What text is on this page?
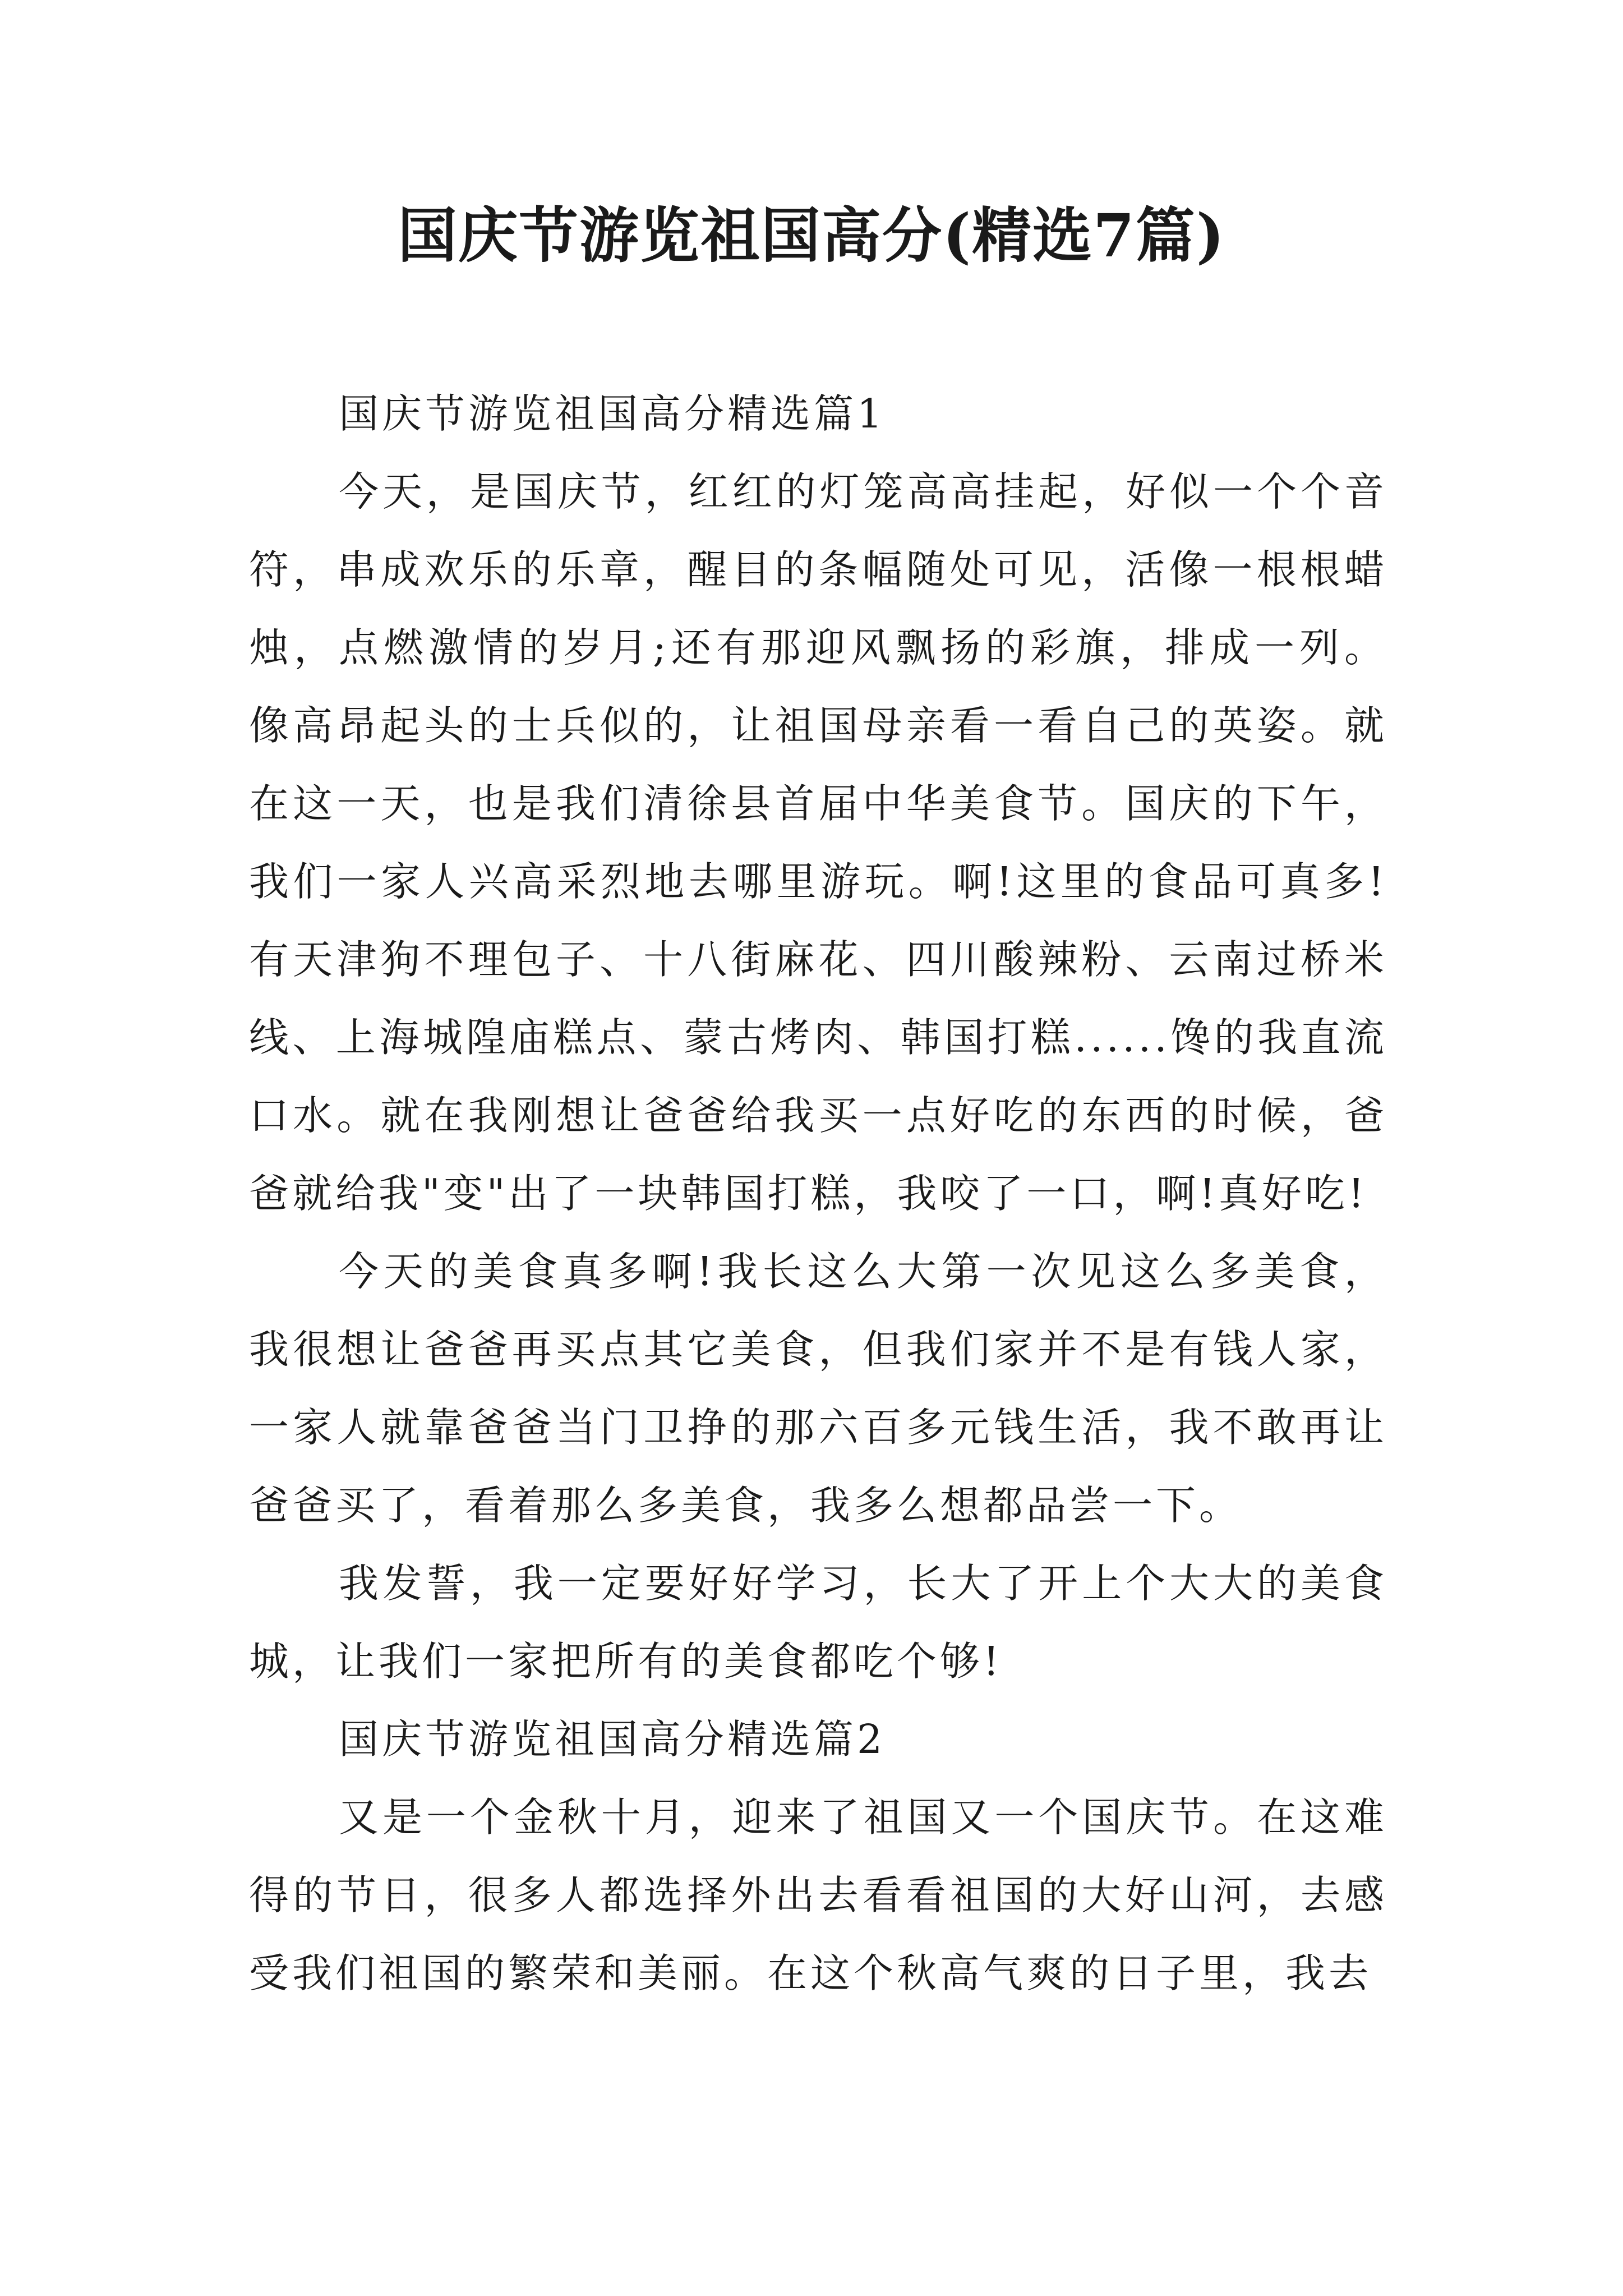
国庆节游览祖国高分(精选7篇)

国庆节游览祖国高分精选篇1

今天，是国庆节，红红的灯笼高高挂起，好似一个个音符，串成欢乐的乐章，醒目的条幅随处可见，活像一根根蜡烛，点燃激情的岁月;还有那迎风飘扬的彩旗，排成一列。像高昂起头的士兵似的，让祖国母亲看一看自己的英姿。就在这一天，也是我们清徐县首届中华美食节。国庆的下午，我们一家人兴高采烈地去哪里游玩。啊!这里的食品可真多!有天津狗不理包子、十八街麻花、四川酸辣粉、云南过桥米线、上海城隍庙糕点、蒙古烤肉、韩国打糕......馋的我直流口水。就在我刚想让爸爸给我买一点好吃的东西的时候，爸爸就给我"变"出了一块韩国打糕，我咬了一口，啊!真好吃!

今天的美食真多啊!我长这么大第一次见这么多美食，我很想让爸爸再买点其它美食，但我们家并不是有钱人家，一家人就靠爸爸当门卫挣的那六百多元钱生活，我不敢再让爸爸买了，看着那么多美食，我多么想都品尝一下。

我发誓，我一定要好好学习，长大了开上个大大的美食城，让我们一家把所有的美食都吃个够!

国庆节游览祖国高分精选篇2

又是一个金秋十月，迎来了祖国又一个国庆节。在这难得的节日，很多人都选择外出去看看祖国的大好山河，去感受我们祖国的繁荣和美丽。在这个秋高气爽的日子里，我去
